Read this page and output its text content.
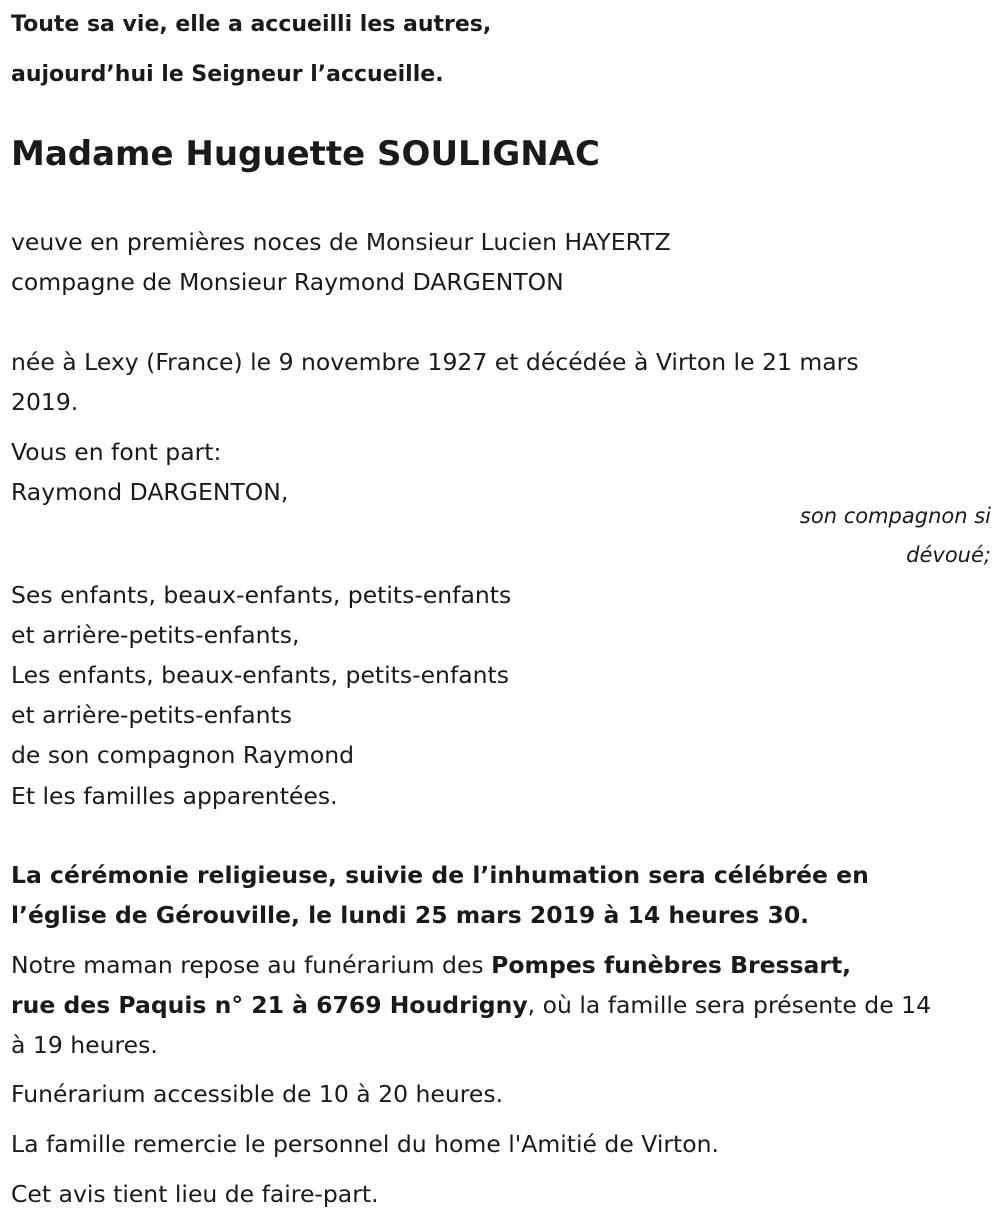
Toute sa vie, elle a accueilli les autres,
aujourd’hui le Seigneur l’accueille.
Madame Huguette SOULIGNAC
veuve en premières noces de Monsieur Lucien HAYERTZ
compagne de Monsieur Raymond DARGENTON
née à Lexy (France) le 9 novembre 1927 et décédée à Virton le 21 mars
2019.
Vous en font part:
Raymond DARGENTON,
son compagnon si
dévoué;
Ses enfants, beaux-enfants, petits-enfants
et arrière-petits-enfants,
Les enfants, beaux-enfants, petits-enfants
et arrière-petits-enfants
de son compagnon Raymond
Et les familles apparentées.
La cérémonie religieuse, suivie de l’inhumation sera célébrée en
l’église de Gérouville, le lundi 25 mars 2019 à 14 heures 30.
Notre maman repose au funérarium des Pompes funèbres Bressart,
rue des Paquis n° 21 à 6769 Houdrigny, où la famille sera présente de 14
à 19 heures.
Funérarium accessible de 10 à 20 heures.
La famille remercie le personnel du home l'Amitié de Virton.
Cet avis tient lieu de faire-part.
